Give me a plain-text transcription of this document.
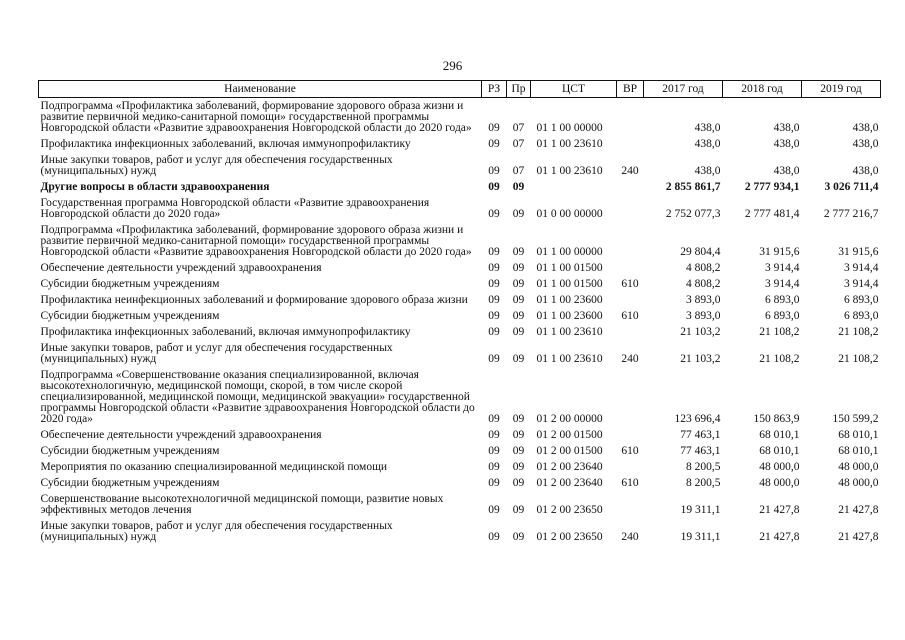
296
Наименование	РЗ	Пр	ЦСТ	ВР	2017 год	2018 год	2019 год
Подпрограмма «Профилактика заболеваний, формирование здорового образа жизни и развитие первичной медико-санитарной помощи» государственной программы Новгородской области «Развитие здравоохранения Новгородской области до 2020 года»	09	07	01 1 00 00000		438,0	438,0	438,0
Профилактика инфекционных заболеваний, включая иммунопрофилактику	09	07	01 1 00 23610		438,0	438,0	438,0
Иные закупки товаров, работ и услуг для обеспечения государственных (муниципальных) нужд	09	07	01 1 00 23610	240	438,0	438,0	438,0
Другие вопросы в области здравоохранения	09	09			2 855 861,7	2 777 934,1	3 026 711,4
Государственная программа Новгородской области «Развитие здравоохранения Новгородской области до 2020 года»	09	09	01 0 00 00000		2 752 077,3	2 777 481,4	2 777 216,7
Подпрограмма «Профилактика заболеваний, формирование здорового образа жизни и развитие первичной медико-санитарной помощи» государственной программы Новгородской области «Развитие здравоохранения Новгородской области до 2020 года»	09	09	01 1 00 00000		29 804,4	31 915,6	31 915,6
Обеспечение деятельности учреждений здравоохранения	09	09	01 1 00 01500		4 808,2	3 914,4	3 914,4
Субсидии бюджетным учреждениям	09	09	01 1 00 01500	610	4 808,2	3 914,4	3 914,4
Профилактика неинфекционных заболеваний и формирование здорового образа жизни	09	09	01 1 00 23600		3 893,0	6 893,0	6 893,0
Субсидии бюджетным учреждениям	09	09	01 1 00 23600	610	3 893,0	6 893,0	6 893,0
Профилактика инфекционных заболеваний, включая иммунопрофилактику	09	09	01 1 00 23610		21 103,2	21 108,2	21 108,2
Иные закупки товаров, работ и услуг для обеспечения государственных (муниципальных) нужд	09	09	01 1 00 23610	240	21 103,2	21 108,2	21 108,2
Подпрограмма «Совершенствование оказания специализированной, включая высокотехнологичную, медицинской помощи, скорой, в том числе скорой специализированной, медицинской помощи, медицинской эвакуации» государственной программы Новгородской области «Развитие здравоохранения Новгородской области до 2020 года»	09	09	01 2 00 00000		123 696,4	150 863,9	150 599,2
Обеспечение деятельности учреждений здравоохранения	09	09	01 2 00 01500		77 463,1	68 010,1	68 010,1
Субсидии бюджетным учреждениям	09	09	01 2 00 01500	610	77 463,1	68 010,1	68 010,1
Мероприятия по оказанию специализированной медицинской помощи	09	09	01 2 00 23640		8 200,5	48 000,0	48 000,0
Субсидии бюджетным учреждениям	09	09	01 2 00 23640	610	8 200,5	48 000,0	48 000,0
Совершенствование высокотехнологичной медицинской помощи, развитие новых эффективных методов лечения	09	09	01 2 00 23650		19 311,1	21 427,8	21 427,8
Иные закупки товаров, работ и услуг для обеспечения государственных (муниципальных) нужд	09	09	01 2 00 23650	240	19 311,1	21 427,8	21 427,8
